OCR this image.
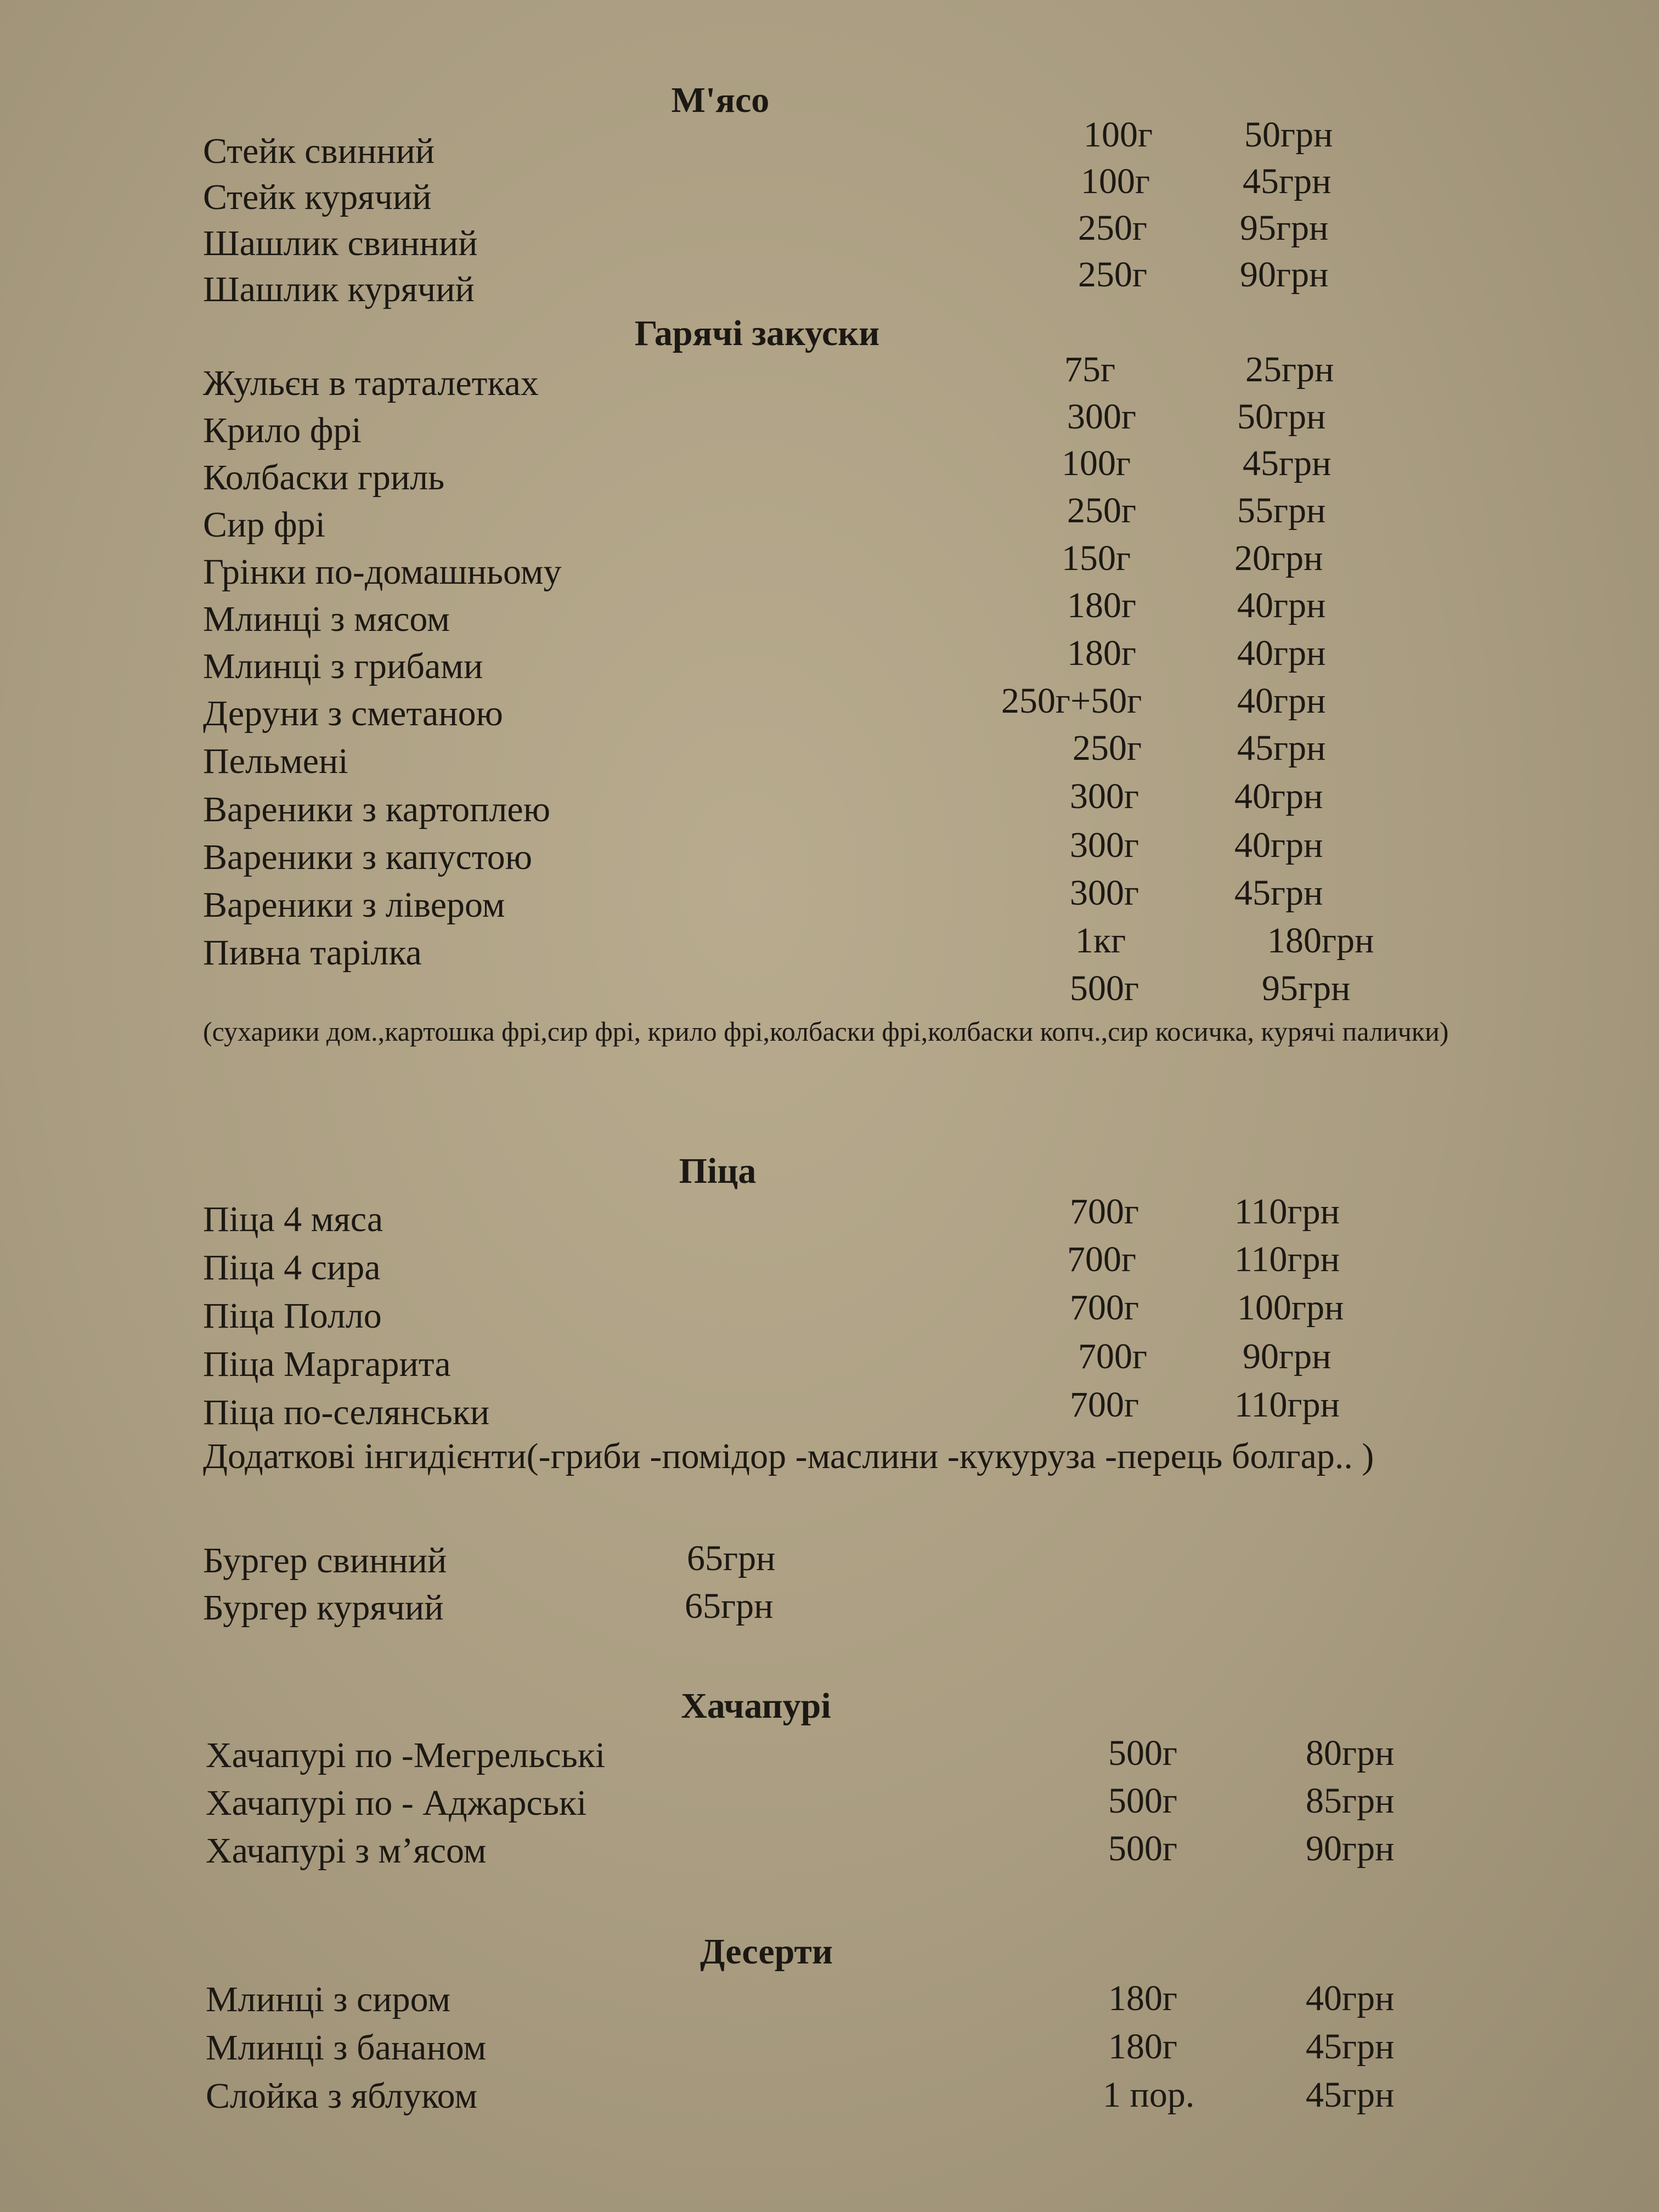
М'ясо
Стейк свинний	100г	50грн
Стейк курячий	100г	45грн
Шашлик свинний	250г	95грн
Шашлик курячий	250г	90грн
Гарячі закуски
Жульєн в тарталетках	75г	25грн
Крило фрі	300г	50грн
Колбаски гриль	100г	45грн
Сир фрі	250г	55грн
Грінки по-домашньому	150г	20грн
Млинці з мясом	180г	40грн
Млинці з грибами	180г	40грн
Деруни з сметаною	250г+50г	40грн
Пельмені	250г	45грн
Вареники з картоплею	300г	40грн
Вареники з капустою	300г	40грн
Вареники з лівером	300г	45грн
Пивна тарілка	1кг	180грн
500г	95грн
(сухарики дом.,картошка фрі,сир фрі, крило фрі,колбаски фрі,колбаски копч.,сир косичка, курячі палички)
Піца
Піца 4 мяса	700г	110грн
Піца 4 сира	700г	110грн
Піца Полло	700г	100грн
Піца Маргарита	700г	90грн
Піца по-селянськи	700г	110грн
Додаткові інгидієнти(-гриби -помідор -маслини -кукуруза -перець болгар.. )
Бургер свинний	65грн
Бургер курячий	65грн
Хачапурі
Хачапурі по -Мегрельські	500г	80грн
Хачапурі по - Аджарські	500г	85грн
Хачапурі з м’ясом	500г	90грн
Десерти
Млинці з сиром	180г	40грн
Млинці з бананом	180г	45грн
Слойка з яблуком	1 пор.	45грн
